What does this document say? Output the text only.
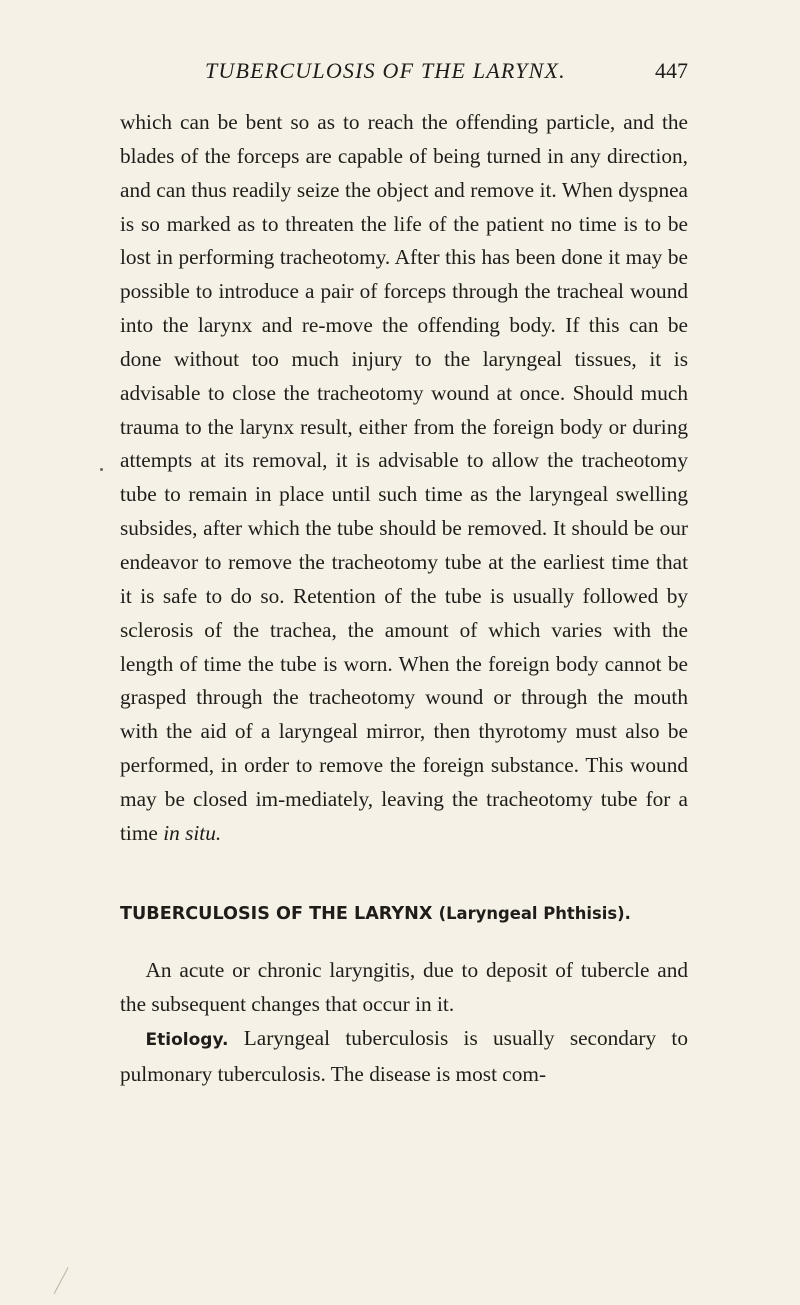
TUBERCULOSIS OF THE LARYNX.	447

which can be bent so as to reach the offending particle, and the blades of the forceps are capable of being turned in any direction, and can thus readily seize the object and remove it. When dyspnea is so marked as to threaten the life of the patient no time is to be lost in performing tracheotomy. After this has been done it may be possible to introduce a pair of forceps through the tracheal wound into the larynx and re-move the offending body. If this can be done without too much injury to the laryngeal tissues, it is advisable to close the tracheotomy wound at once. Should much trauma to the larynx result, either from the foreign body or during attempts at its removal, it is advisable to allow the tracheotomy tube to remain in place until such time as the laryngeal swelling subsides, after which the tube should be removed. It should be our endeavor to remove the tracheotomy tube at the earliest time that it is safe to do so. Retention of the tube is usually followed by sclerosis of the trachea, the amount of which varies with the length of time the tube is worn. When the foreign body cannot be grasped through the tracheotomy wound or through the mouth with the aid of a laryngeal mirror, then thyrotomy must also be performed, in order to remove the foreign substance. This wound may be closed im-mediately, leaving the tracheotomy tube for a time in situ.

TUBERCULOSIS OF THE LARYNX (Laryngeal Phthisis).

An acute or chronic laryngitis, due to deposit of tubercle and the subsequent changes that occur in it.

Etiology. Laryngeal tuberculosis is usually secondary to pulmonary tuberculosis. The disease is most com-
